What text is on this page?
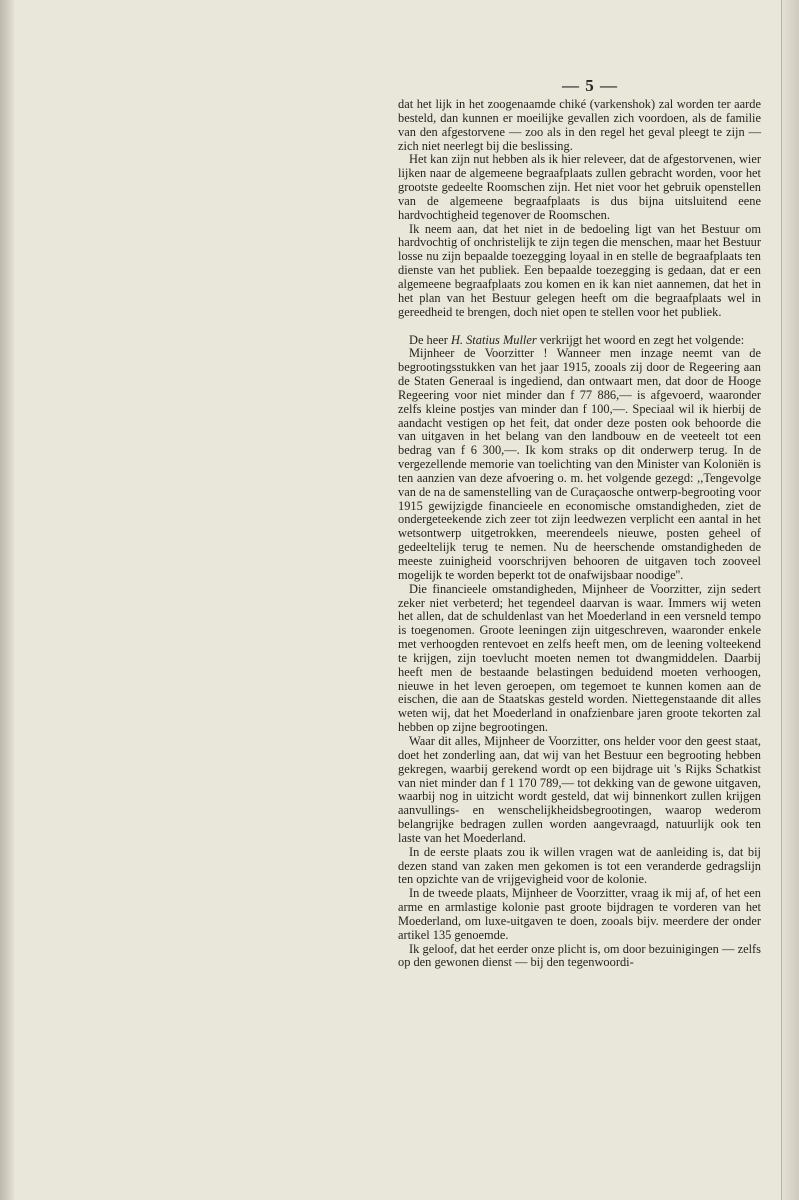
— 5 —

dat het lijk in het zoogenaamde chiké (varkenshok) zal worden ter aarde besteld, dan kunnen er moeilijke gevallen zich voordoen, als de familie van den afgestorvene — zoo als in den regel het geval pleegt te zijn — zich niet neerlegt bij die beslissing.

Het kan zijn nut hebben als ik hier releveer, dat de afgestorvenen, wier lijken naar de algemeene begraafplaats zullen gebracht worden, voor het grootste gedeelte Roomschen zijn. Het niet voor het gebruik openstellen van de algemeene begraafplaats is dus bijna uitsluitend eene hardvochtigheid tegenover de Roomschen.

Ik neem aan, dat het niet in de bedoeling ligt van het Bestuur om hardvochtig of onchristelijk te zijn tegen die menschen, maar het Bestuur losse nu zijn bepaalde toezegging loyaal in en stelle de begraafplaats ten dienste van het publiek. Een bepaalde toezegging is gedaan, dat er een algemeene begraafplaats zou komen en ik kan niet aannemen, dat het in het plan van het Bestuur gelegen heeft om die begraafplaats wel in gereedheid te brengen, doch niet open te stellen voor het publiek.

De heer H. Statius Muller verkrijgt het woord en zegt het volgende:

Mijnheer de Voorzitter ! Wanneer men inzage neemt van de begrootingsstukken van het jaar 1915, zooals zij door de Regeering aan de Staten Generaal is ingediend, dan ontwaart men, dat door de Hooge Regeering voor niet minder dan f 77 886,— is afgevoerd, waaronder zelfs kleine postjes van minder dan f 100,—. Speciaal wil ik hierbij de aandacht vestigen op het feit, dat onder deze posten ook behoorde die van uitgaven in het belang van den landbouw en de veeteelt tot een bedrag van f 6 300,—. Ik kom straks op dit onderwerp terug. In de vergezellende memorie van toelichting van den Minister van Koloniën is ten aanzien van deze afvoering o. m. het volgende gezegd: ,,Tengevolge van de na de samenstelling van de Curaçaosche ontwerp-begrooting voor 1915 gewijzigde financieele en economische omstandigheden, ziet de ondergeteekende zich zeer tot zijn leedwezen verplicht een aantal in het wetsontwerp uitgetrokken, meerendeels nieuwe, posten geheel of gedeeltelijk terug te nemen. Nu de heerschende omstandigheden de meeste zuinigheid voorschrijven behooren de uitgaven toch zooveel mogelijk te worden beperkt tot de onafwijsbaar noodige''.

Die financieele omstandigheden, Mijnheer de Voorzitter, zijn sedert zeker niet verbeterd; het tegendeel daarvan is waar. Immers wij weten het allen, dat de schuldenlast van het Moederland in een versneld tempo is toegenomen. Groote leeningen zijn uitgeschreven, waaronder enkele met verhoogden rentevoet en zelfs heeft men, om de leening volteekend te krijgen, zijn toevlucht moeten nemen tot dwangmiddelen. Daarbij heeft men de bestaande belastingen beduidend moeten verhoogen, nieuwe in het leven geroepen, om tegemoet te kunnen komen aan de eischen, die aan de Staatskas gesteld worden. Niettegenstaande dit alles weten wij, dat het Moederland in onafzienbare jaren groote tekorten zal hebben op zijne begrootingen.

Waar dit alles, Mijnheer de Voorzitter, ons helder voor den geest staat, doet het zonderling aan, dat wij van het Bestuur een begrooting hebben gekregen, waarbij gerekend wordt op een bijdrage uit 's Rijks Schatkist van niet minder dan f 1 170 789,— tot dekking van de gewone uitgaven, waarbij nog in uitzicht wordt gesteld, dat wij binnenkort zullen krijgen aanvullings- en wenschelijkheidsbegrootingen, waarop wederom belangrijke bedragen zullen worden aangevraagd, natuurlijk ook ten laste van het Moederland.

In de eerste plaats zou ik willen vragen wat de aanleiding is, dat bij dezen stand van zaken men gekomen is tot een veranderde gedragslijn ten opzichte van de vrijgevigheid voor de kolonie.

In de tweede plaats, Mijnheer de Voorzitter, vraag ik mij af, of het een arme en armlastige kolonie past groote bijdragen te vorderen van het Moederland, om luxe-uitgaven te doen, zooals bijv. meerdere der onder artikel 135 genoemde.

Ik geloof, dat het eerder onze plicht is, om door bezuinigingen — zelfs op den gewonen dienst — bij den tegenwoordi-
